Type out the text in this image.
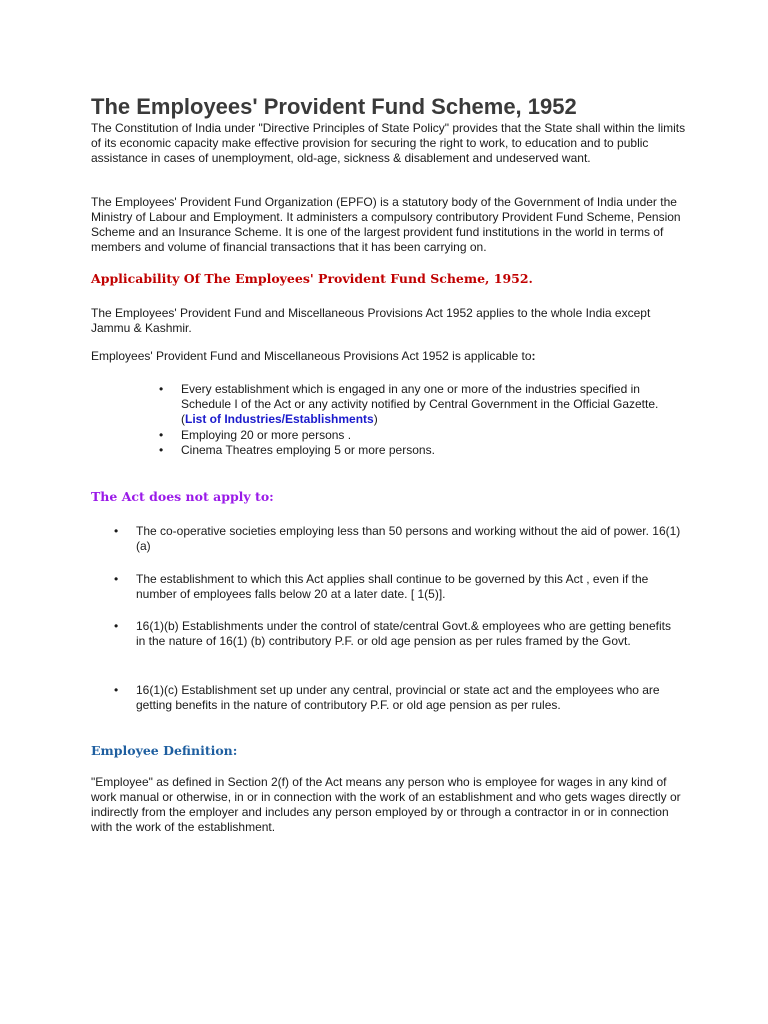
The Employees' Provident Fund Scheme, 1952

The Constitution of India under "Directive Principles of State Policy" provides that the State shall within the limits of its economic capacity make effective provision for securing the right to work, to education and to public assistance in cases of unemployment, old-age, sickness & disablement and undeserved want.

The Employees' Provident Fund Organization (EPFO) is a statutory body of the Government of India under the Ministry of Labour and Employment. It administers a compulsory contributory Provident Fund Scheme, Pension Scheme and an Insurance Scheme. It is one of the largest provident fund institutions in the world in terms of members and volume of financial transactions that it has been carrying on.

Applicability Of The Employees' Provident Fund Scheme, 1952.

The Employees' Provident Fund and Miscellaneous Provisions Act 1952 applies to the whole India except Jammu & Kashmir.

Employees' Provident Fund and Miscellaneous Provisions Act 1952 is applicable to:

• Every establishment which is engaged in any one or more of the industries specified in Schedule I of the Act or any activity notified by Central Government in the Official Gazette. (List of Industries/Establishments)
• Employing 20 or more persons .
• Cinema Theatres employing 5 or more persons.
The Act does not apply to:
• The co-operative societies employing less than 50 persons and working without the aid of power. 16(1)(a)
• The establishment to which this Act applies shall continue to be governed by this Act , even if the number of employees falls below 20 at a later date. [ 1(5)].
• 16(1)(b) Establishments under the control of state/central Govt.& employees who are getting benefits in the nature of 16(1) (b) contributory P.F. or old age pension as per rules framed by the Govt.
• 16(1)(c) Establishment set up under any central, provincial or state act and the employees who are getting benefits in the nature of contributory P.F. or old age pension as per rules.
Employee Definition:

"Employee" as defined in Section 2(f) of the Act means any person who is employee for wages in any kind of work manual or otherwise, in or in connection with the work of an establishment and who gets wages directly or indirectly from the employer and includes any person employed by or through a contractor in or in connection with the work of the establishment.
